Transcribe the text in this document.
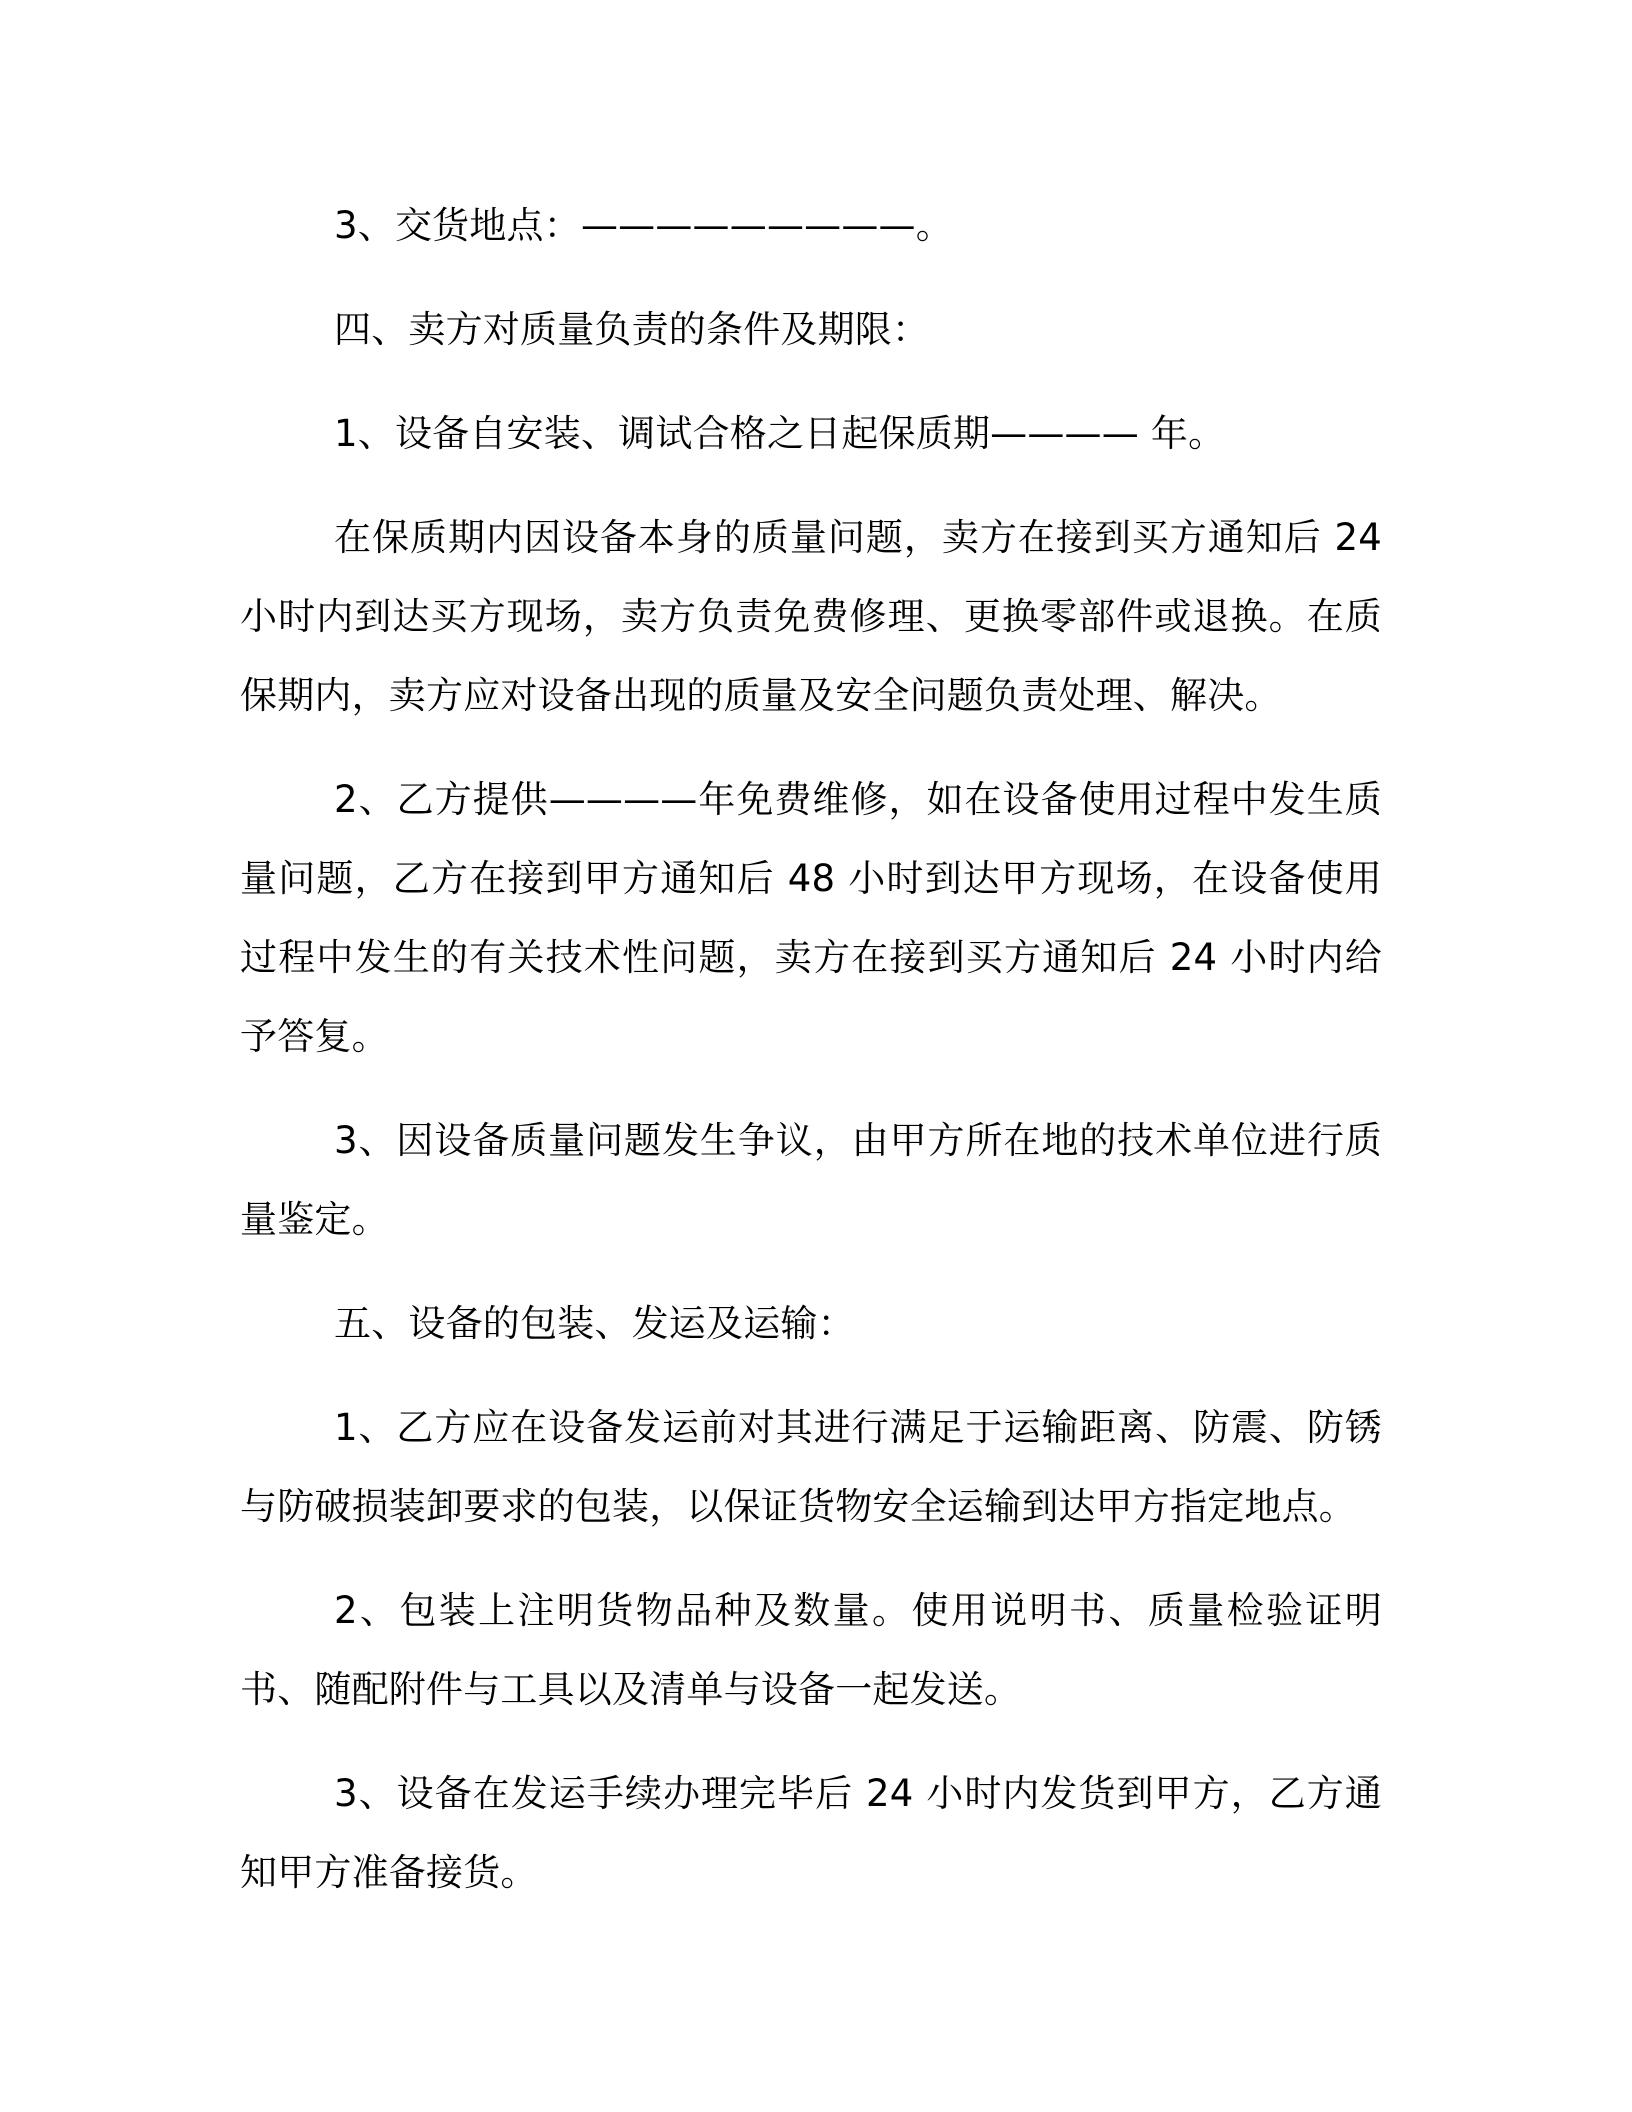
3、交货地点：—————————。

四、卖方对质量负责的条件及期限：

1、设备自安装、调试合格之日起保质期———— 年。

在保质期内因设备本身的质量问题，卖方在接到买方通知后 24 小时内到达买方现场，卖方负责免费修理、更换零部件或退换。在质保期内，卖方应对设备出现的质量及安全问题负责处理、解决。

2、乙方提供————年免费维修，如在设备使用过程中发生质量问题，乙方在接到甲方通知后 48 小时到达甲方现场，在设备使用过程中发生的有关技术性问题，卖方在接到买方通知后 24 小时内给予答复。

3、因设备质量问题发生争议，由甲方所在地的技术单位进行质量鉴定。

五、设备的包装、发运及运输：

1、乙方应在设备发运前对其进行满足于运输距离、防震、防锈与防破损装卸要求的包装，以保证货物安全运输到达甲方指定地点。

2、包装上注明货物品种及数量。使用说明书、质量检验证明书、随配附件与工具以及清单与设备一起发送。

3、设备在发运手续办理完毕后 24 小时内发货到甲方，乙方通知甲方准备接货。
